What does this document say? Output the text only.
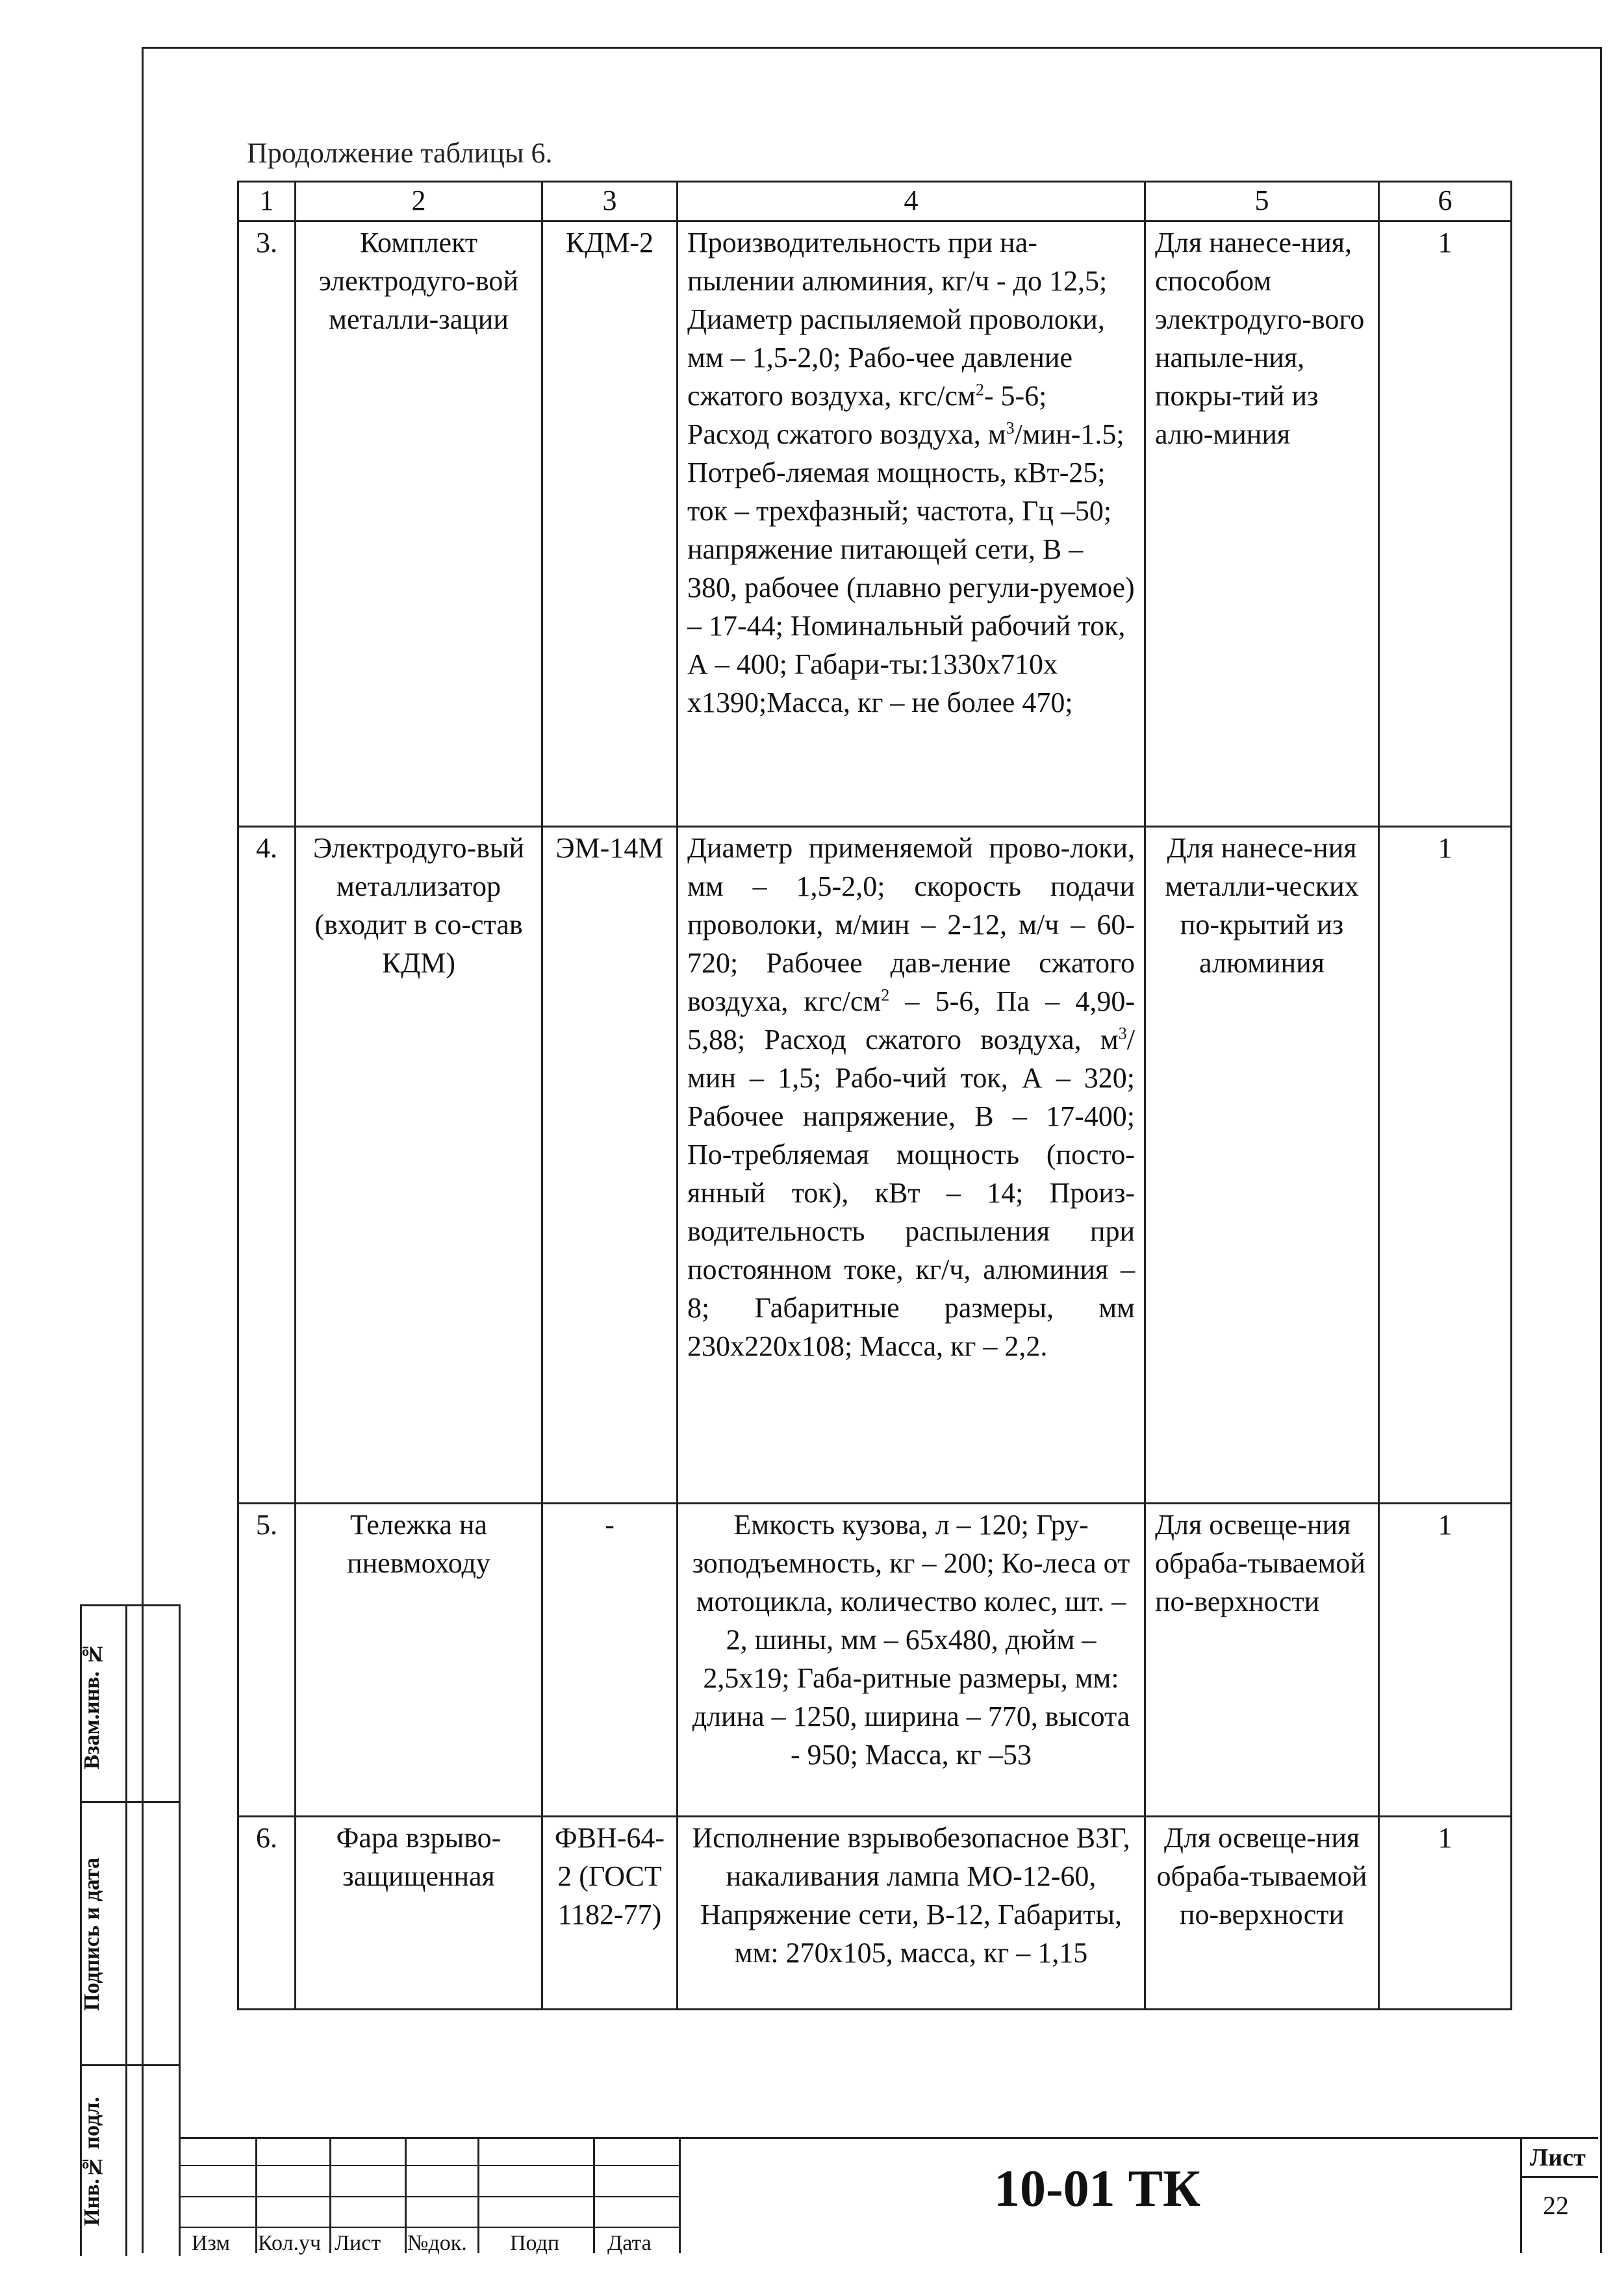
Продолжение таблицы 6.
1	2	3	4	5	6
3.	Комплект электродуго-вой металли-зации	КДМ-2	Производительность при на-пылении алюминия, кг/ч - до 12,5; Диаметр распыляемой проволоки, мм – 1,5-2,0; Рабо-чее давление сжатого воздуха, кгс/$см^2-$ 5-6; Расход сжатого воздуха, $м^3/мин-1.5$; Потреб-ляемая мощность, кВт-25; ток – трехфазный; частота, Гц –50; напряжение питающей сети, В – 380, рабочее (плавно регули-руемое) – 17-44; Номинальный рабочий ток, А – 400; Габари-ты:1330x710x x1390;Масса, кг – не более 470;	Для нанесе-ния, способом электродуго-вого напыле-ния, покры-тий из алю-миния	1
4.	Электродуго-вый металлизатор (входит в со-став КДМ)	ЭМ-14М	Диаметр применяемой прово-локи, мм – 1,5-2,0; скорость подачи проволоки, м/мин – 2-12, м/ч – 60-720; Рабочее дав-ление сжатого воздуха, кгс/$см^2 - 5-6$, Па – 4,90-5,88; Расход сжатого воздуха, $м^3$/мин – 1,5; Рабо-чий ток, А – 320; Рабочее напряжение, В – 17-400; По-требляемая мощность (посто-янный ток), кВт – 14; Произ-водительность распыления при постоянном токе, кг/ч, алюминия – 8; Габаритные размеры, мм 230x220x108; Масса, кг – 2,2.	Для нанесе-ния металли-ческих по-крытий из алюминия	1
5.	Тележка на пневмоходу	-	Емкость кузова, л – 120; Гру-зоподъемность, кг – 200; Ко-леса от мотоцикла, количество колес, шт. – 2, шины, мм – 65x480, дюйм – 2,5x19; Габа-ритные размеры, мм: длина – 1250, ширина – 770, высота - 950; Масса, кг –53	Для освеще-ния обраба-тываемой по-верхности	1
6.	Фара взрыво-защищенная	ФВН-64-2 (ГОСТ 1182-77)	Исполнение взрывобезопасное ВЗГ, накаливания лампа МО-12-60, Напряжение сети, В-12, Габариты, мм: 270x105, масса, кг – 1,15	Для освеще-ния обраба-тываемой по-верхности	1
Взам.инв. №
Подпись и дата
Инв.№ подл.
Изм Кол.уч Лист №док. Подп Дата
10-01 ТК
Лист
22
